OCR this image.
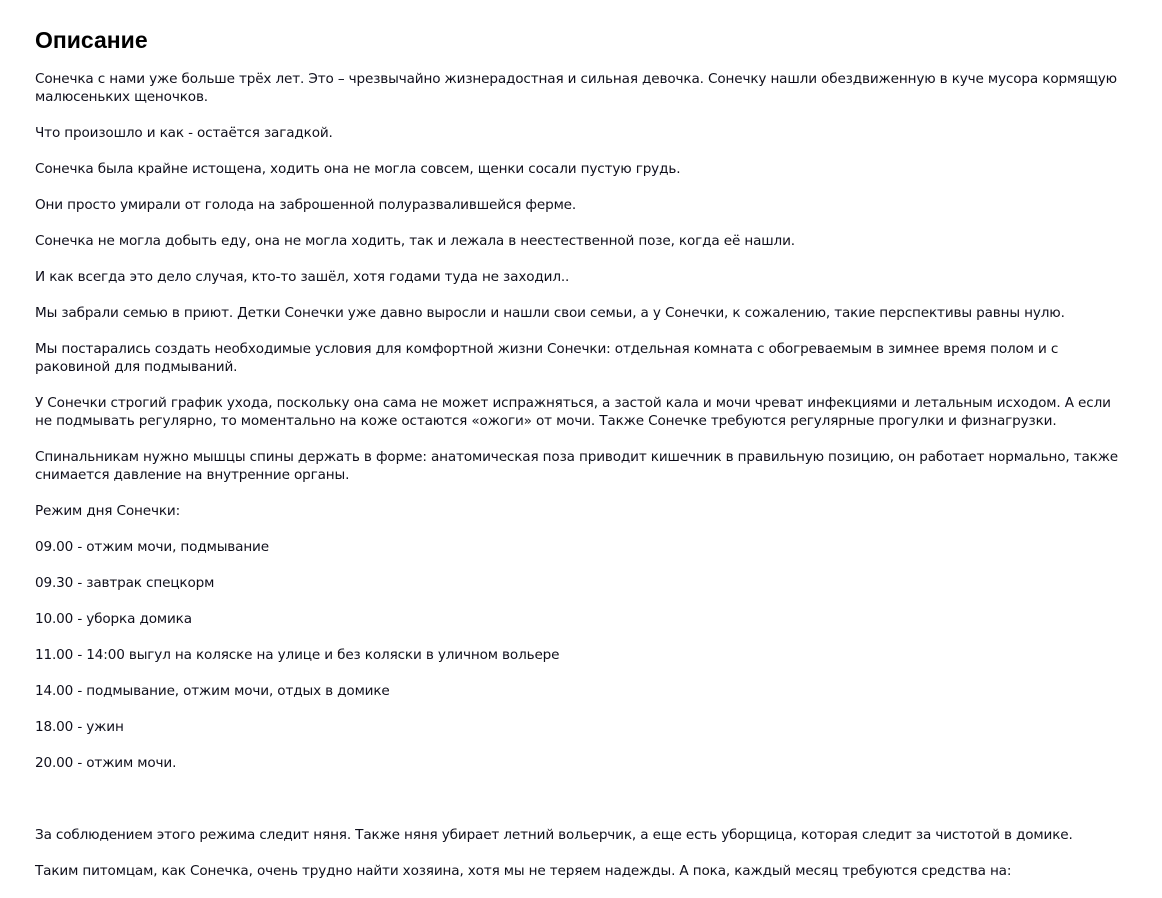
Описание

Сонечка с нами уже больше трёх лет. Это – чрезвычайно жизнерадостная и сильная девочка. Сонечку нашли обездвиженную в куче мусора кормящую малюсеньких щеночков.

Что произошло и как - остаётся загадкой.

Сонечка была крайне истощена, ходить она не могла совсем, щенки сосали пустую грудь.

Они просто умирали от голода на заброшенной полуразвалившейся ферме.

Сонечка не могла добыть еду, она не могла ходить, так и лежала в неестественной позе, когда её нашли.

И как всегда это дело случая, кто-то зашёл, хотя годами туда не заходил..

Мы забрали семью в приют. Детки Сонечки уже давно выросли и нашли свои семьи, а у Сонечки, к сожалению, такие перспективы равны нулю.

Мы постарались создать необходимые условия для комфортной жизни Сонечки: отдельная комната с обогреваемым в зимнее время полом и с раковиной для подмываний.

У Сонечки строгий график ухода, поскольку она сама не может испражняться, а застой кала и мочи чреват инфекциями и летальным исходом. А если не подмывать регулярно, то моментально на коже остаются «ожоги» от мочи. Также Сонечке требуются регулярные прогулки и физнагрузки.

Спинальникам нужно мышцы спины держать в форме: анатомическая поза приводит кишечник в правильную позицию, он работает нормально, также снимается давление на внутренние органы.

Режим дня Сонечки:

09.00 - отжим мочи, подмывание

09.30 - завтрак спецкорм

10.00 - уборка домика

11.00 - 14:00 выгул на коляске на улице и без коляски в уличном вольере

14.00 - подмывание, отжим мочи, отдых в домике

18.00 - ужин

20.00 - отжим мочи.

За соблюдением этого режима следит няня. Также няня убирает летний вольерчик, а еще есть уборщица, которая следит за чистотой в домике.

Таким питомцам, как Сонечка, очень трудно найти хозяина, хотя мы не теряем надежды. А пока, каждый месяц требуются средства на:
